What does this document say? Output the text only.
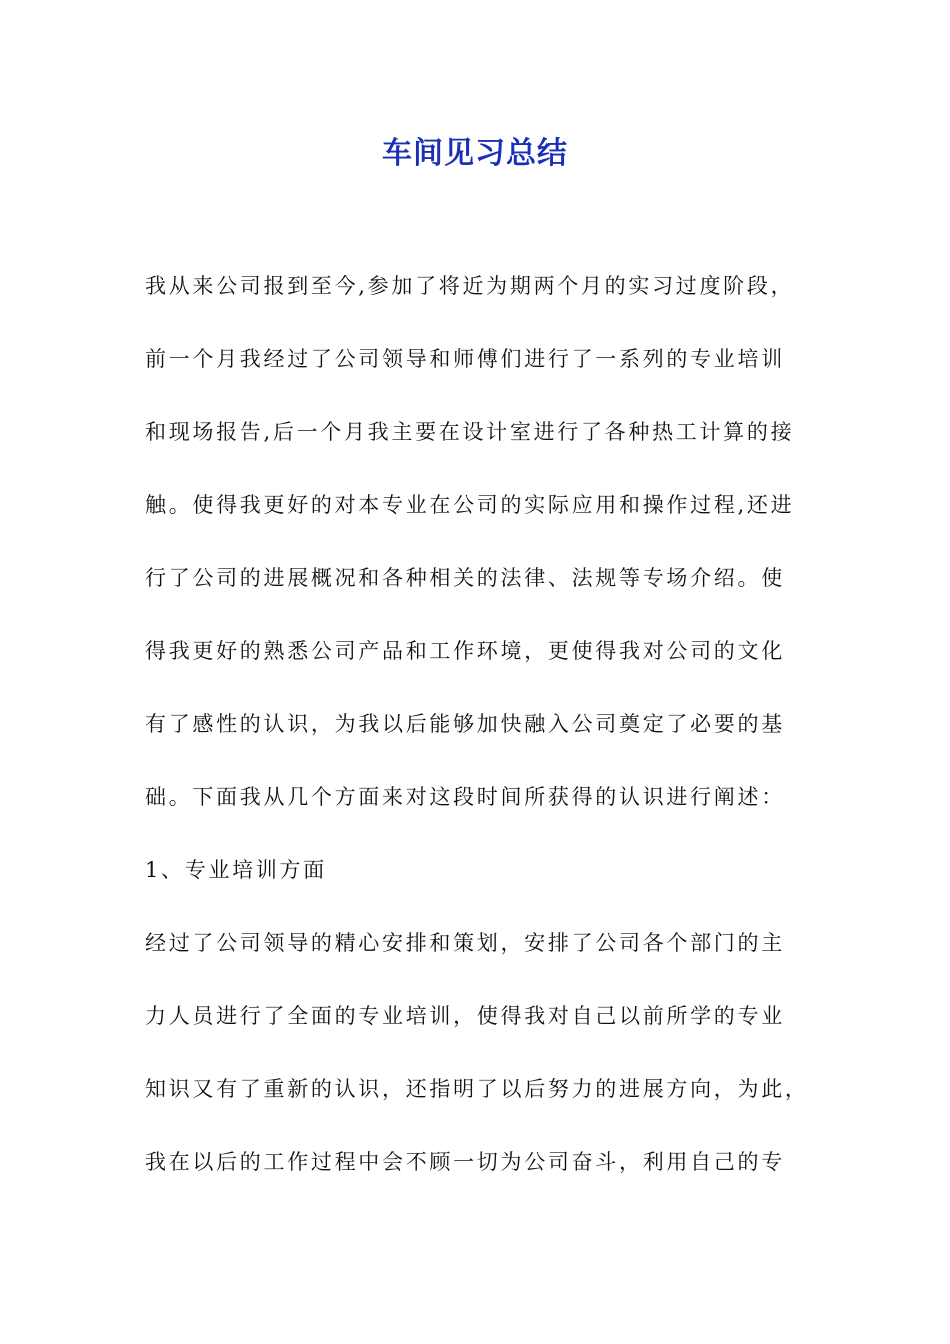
车间见习总结
我从来公司报到至今,参加了将近为期两个月的实习过度阶段，
前一个月我经过了公司领导和师傅们进行了一系列的专业培训
和现场报告,后一个月我主要在设计室进行了各种热工计算的接
触。使得我更好的对本专业在公司的实际应用和操作过程,还进
行了公司的进展概况和各种相关的法律、法规等专场介绍。使
得我更好的熟悉公司产品和工作环境，更使得我对公司的文化
有了感性的认识，为我以后能够加快融入公司奠定了必要的基
础。下面我从几个方面来对这段时间所获得的认识进行阐述：
1、专业培训方面
经过了公司领导的精心安排和策划，安排了公司各个部门的主
力人员进行了全面的专业培训，使得我对自己以前所学的专业
知识又有了重新的认识，还指明了以后努力的进展方向，为此，
我在以后的工作过程中会不顾一切为公司奋斗，利用自己的专
